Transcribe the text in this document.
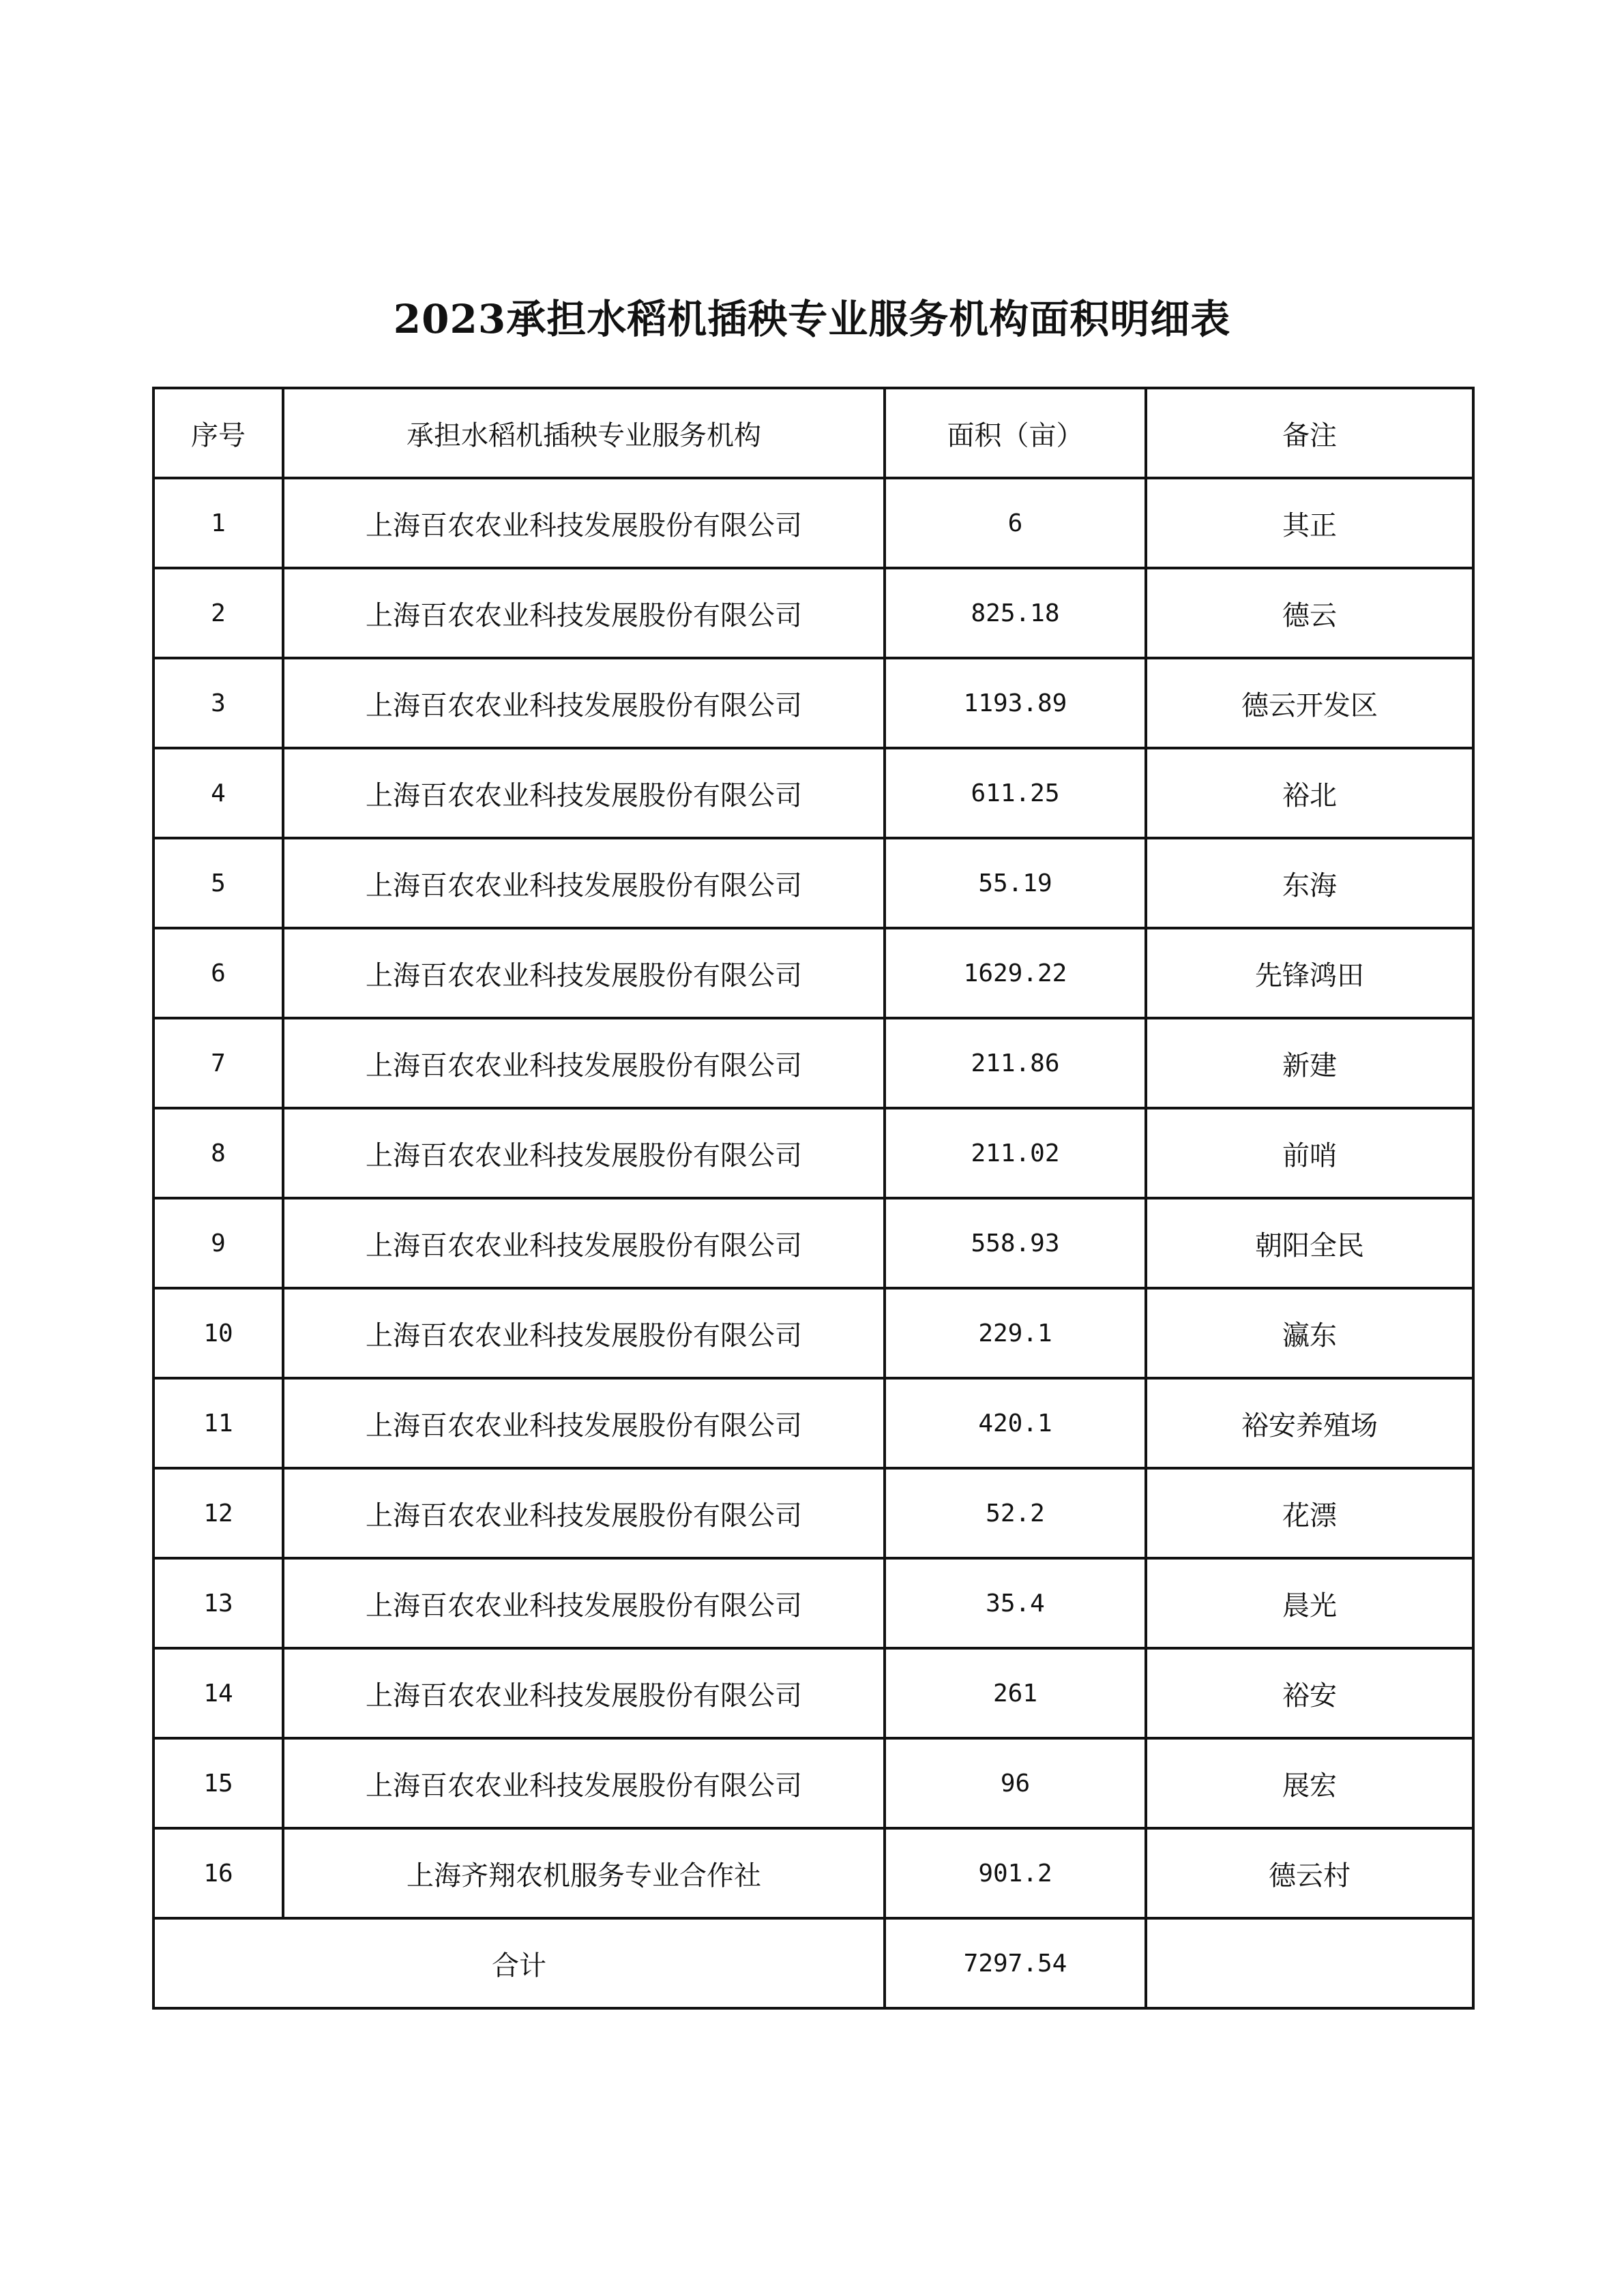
2023承担水稻机插秧专业服务机构面积明细表
序号	承担水稻机插秧专业服务机构	面积（亩）	备注
1	上海百农农业科技发展股份有限公司	6	其正
2	上海百农农业科技发展股份有限公司	825.18	德云
3	上海百农农业科技发展股份有限公司	1193.89	德云开发区
4	上海百农农业科技发展股份有限公司	611.25	裕北
5	上海百农农业科技发展股份有限公司	55.19	东海
6	上海百农农业科技发展股份有限公司	1629.22	先锋鸿田
7	上海百农农业科技发展股份有限公司	211.86	新建
8	上海百农农业科技发展股份有限公司	211.02	前哨
9	上海百农农业科技发展股份有限公司	558.93	朝阳全民
10	上海百农农业科技发展股份有限公司	229.1	瀛东
11	上海百农农业科技发展股份有限公司	420.1	裕安养殖场
12	上海百农农业科技发展股份有限公司	52.2	花漂
13	上海百农农业科技发展股份有限公司	35.4	晨光
14	上海百农农业科技发展股份有限公司	261	裕安
15	上海百农农业科技发展股份有限公司	96	展宏
16	上海齐翔农机服务专业合作社	901.2	德云村
合计		7297.54	
